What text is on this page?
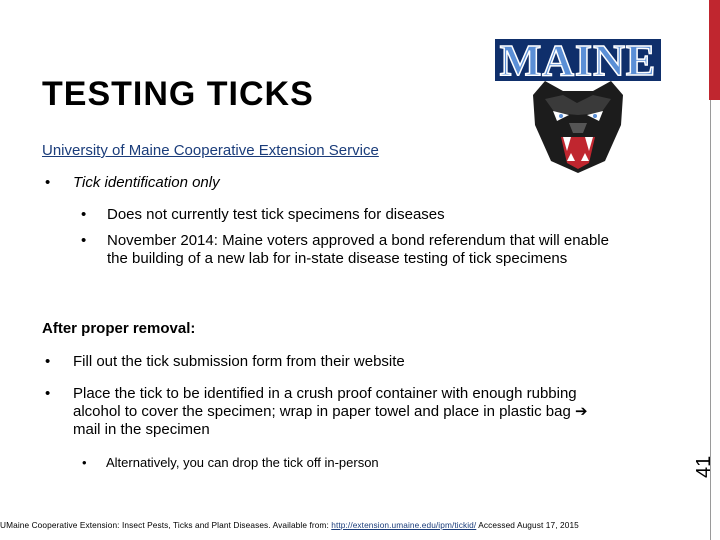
41
TESTING TICKS
MAINE
University of Maine Cooperative Extension Service
•	Tick identification only
•	Does not currently test tick specimens for diseases
•	November 2014: Maine voters approved a bond referendum that will enable the building of a new lab for in-state disease testing of tick specimens
After proper removal:
•	Fill out the tick submission form from their website
•	Place the tick to be identified in a crush proof container with enough rubbing alcohol to cover the specimen; wrap in paper towel and place in plastic bag ➔ mail in the specimen
•	Alternatively, you can drop the tick off in-person
UMaine Cooperative Extension: Insect Pests, Ticks and Plant Diseases. Available from: http://extension.umaine.edu/ipm/tickid/ Accessed August 17, 2015
